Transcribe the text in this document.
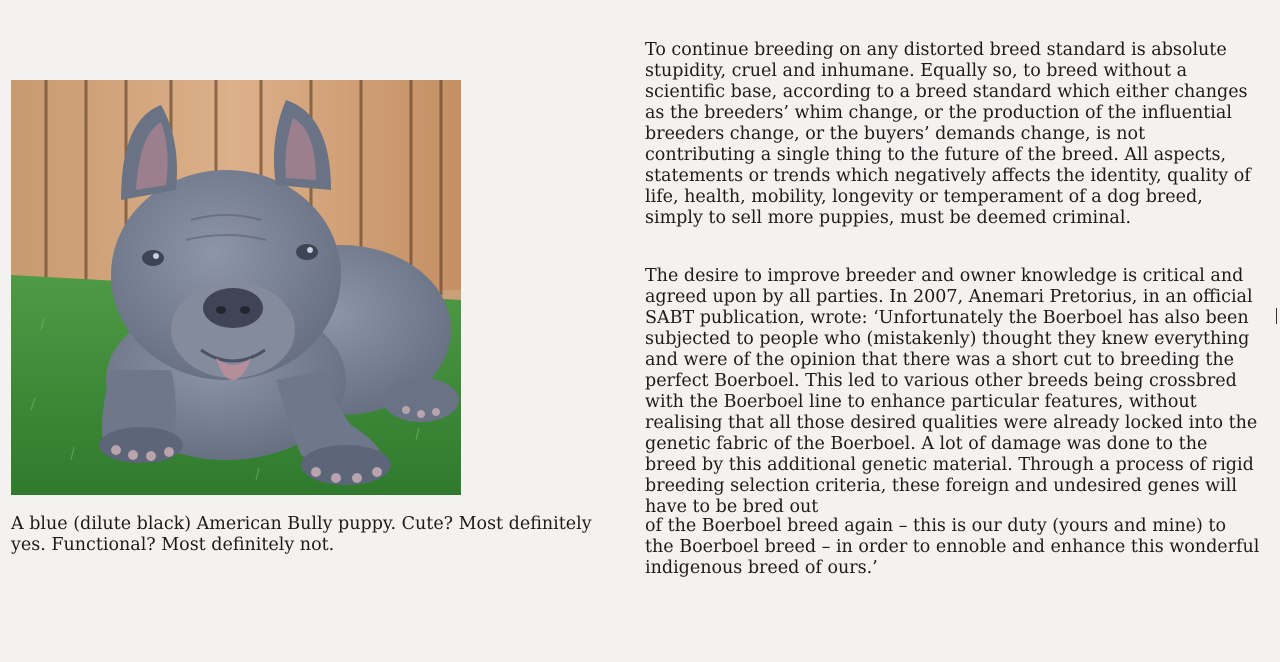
A blue (dilute black) American Bully puppy. Cute? Most definitely yes. Functional? Most definitely not.

To continue breeding on any distorted breed standard is absolute stupidity, cruel and inhumane. Equally so, to breed without a scientific base, according to a breed standard which either changes as the breeders’ whim change, or the production of the influential breeders change, or the buyers’ demands change, is not contributing a single thing to the future of the breed. All aspects, statements or trends which negatively affects the identity, quality of life, health, mobility, longevity or temperament of a dog breed, simply to sell more puppies, must be deemed criminal.

The desire to improve breeder and owner knowledge is critical and agreed upon by all parties. In 2007, Anemari Pretorius, in an official SABT publication, wrote: ‘Unfortunately the Boerboel has also been subjected to people who (mistakenly) thought they knew everything and were of the opinion that there was a short cut to breeding the perfect Boerboel. This led to various other breeds being crossbred with the Boerboel line to enhance particular features, without realising that all those desired qualities were already locked into the genetic fabric of the Boerboel. A lot of damage was done to the breed by this additional genetic material. Through a process of rigid breeding selection criteria, these foreign and undesired genes will have to be bred out

of the Boerboel breed again – this is our duty (yours and mine) to the Boerboel breed – in order to ennoble and enhance this wonderful indigenous breed of ours.’
